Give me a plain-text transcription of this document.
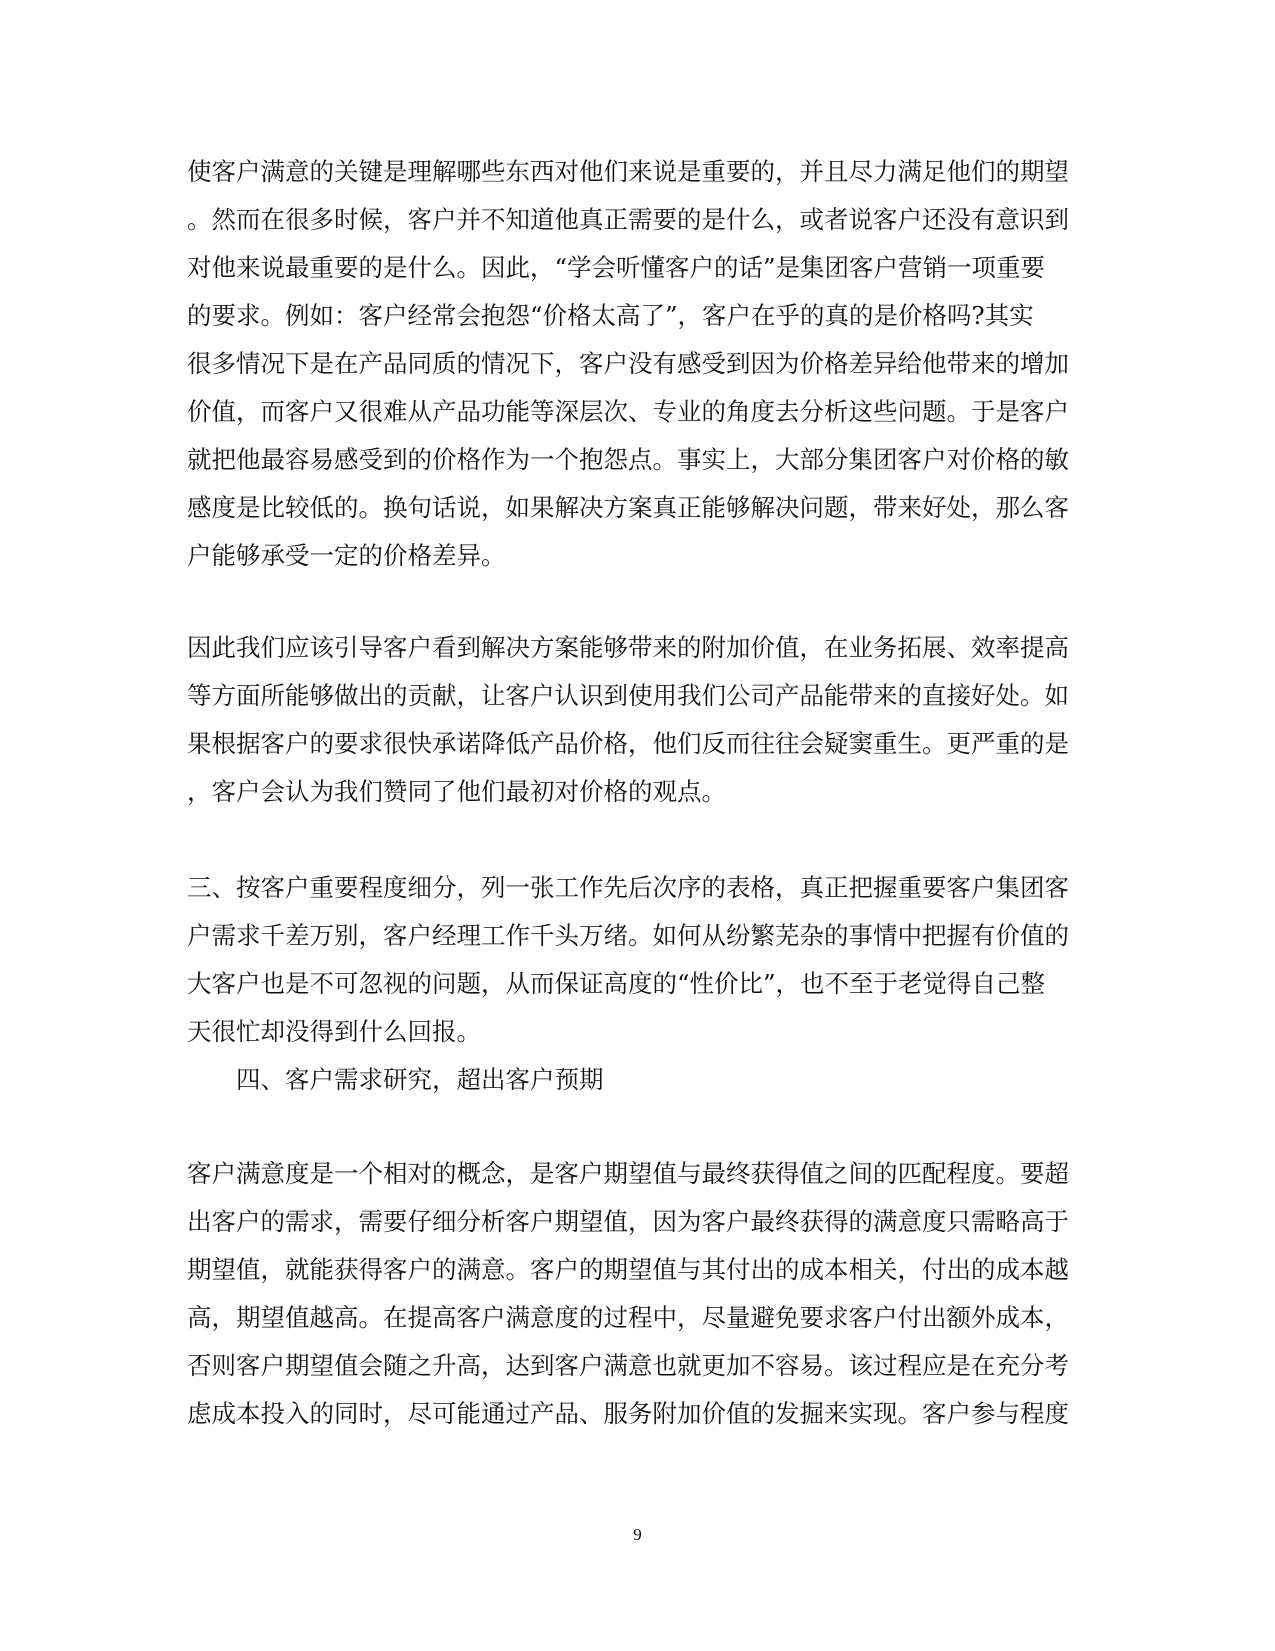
使客户满意的关键是理解哪些东西对他们来说是重要的，并且尽力满足他们的期望
。然而在很多时候，客户并不知道他真正需要的是什么，或者说客户还没有意识到
对他来说最重要的是什么。因此，“学会听懂客户的话”是集团客户营销一项重要
的要求。例如：客户经常会抱怨“价格太高了”，客户在乎的真的是价格吗?其实
很多情况下是在产品同质的情况下，客户没有感受到因为价格差异给他带来的增加
价值，而客户又很难从产品功能等深层次、专业的角度去分析这些问题。于是客户
就把他最容易感受到的价格作为一个抱怨点。事实上，大部分集团客户对价格的敏
感度是比较低的。换句话说，如果解决方案真正能够解决问题，带来好处，那么客
户能够承受一定的价格差异。
因此我们应该引导客户看到解决方案能够带来的附加价值，在业务拓展、效率提高
等方面所能够做出的贡献，让客户认识到使用我们公司产品能带来的直接好处。如
果根据客户的要求很快承诺降低产品价格，他们反而往往会疑窦重生。更严重的是
，客户会认为我们赞同了他们最初对价格的观点。
三、按客户重要程度细分，列一张工作先后次序的表格，真正把握重要客户集团客
户需求千差万别，客户经理工作千头万绪。如何从纷繁芜杂的事情中把握有价值的
大客户也是不可忽视的问题，从而保证高度的“性价比”，也不至于老觉得自己整
天很忙却没得到什么回报。
　　四、客户需求研究，超出客户预期
客户满意度是一个相对的概念，是客户期望值与最终获得值之间的匹配程度。要超
出客户的需求，需要仔细分析客户期望值，因为客户最终获得的满意度只需略高于
期望值，就能获得客户的满意。客户的期望值与其付出的成本相关，付出的成本越
高，期望值越高。在提高客户满意度的过程中，尽量避免要求客户付出额外成本，
否则客户期望值会随之升高，达到客户满意也就更加不容易。该过程应是在充分考
虑成本投入的同时，尽可能通过产品、服务附加价值的发掘来实现。客户参与程度
9
